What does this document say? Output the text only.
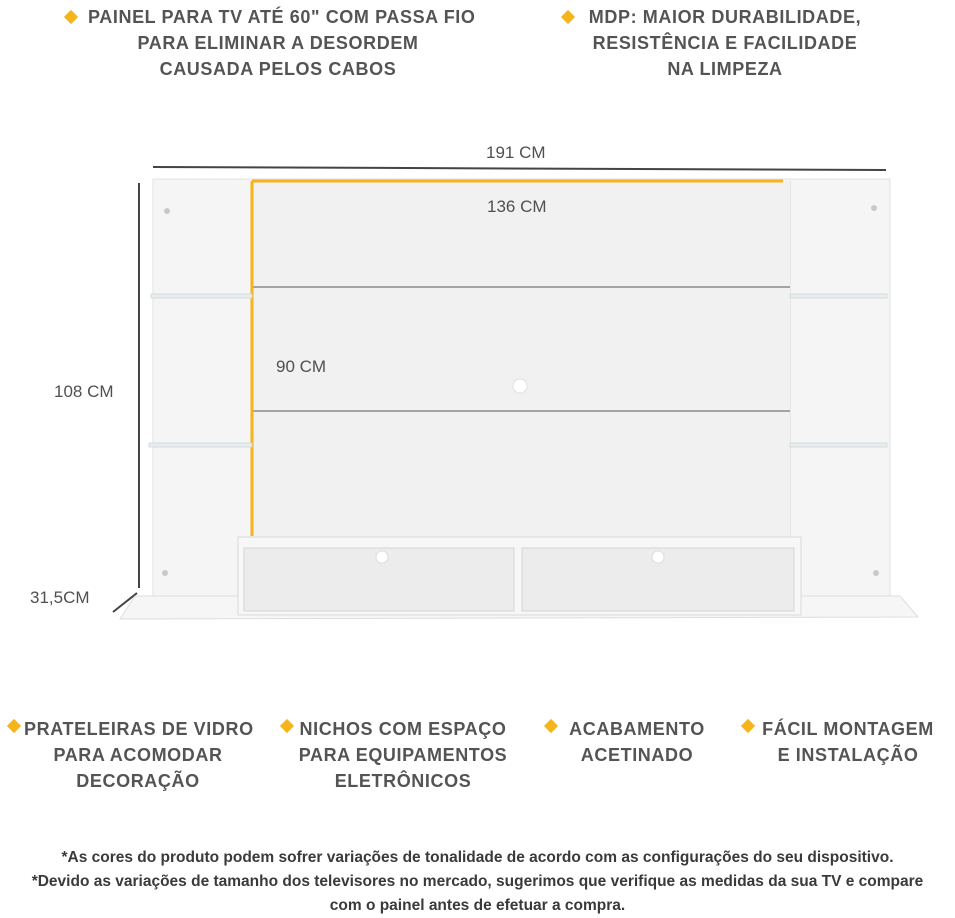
PAINEL PARA TV ATÉ 60" COM PASSA FIO
PARA ELIMINAR A DESORDEM
CAUSADA PELOS CABOS
MDP: MAIOR DURABILIDADE,
RESISTÊNCIA E FACILIDADE
NA LIMPEZA
191 CM
136 CM
90 CM
108 CM
31,5CM
PRATELEIRAS DE VIDRO
PARA ACOMODAR
DECORAÇÃO
NICHOS COM ESPAÇO
PARA EQUIPAMENTOS
ELETRÔNICOS
ACABAMENTO
ACETINADO
FÁCIL MONTAGEM
E INSTALAÇÃO
*As cores do produto podem sofrer variações de tonalidade de acordo com as configurações do seu dispositivo.
*Devido as variações de tamanho dos televisores no mercado, sugerimos que verifique as medidas da sua TV e compare
com o painel antes de efetuar a compra.
